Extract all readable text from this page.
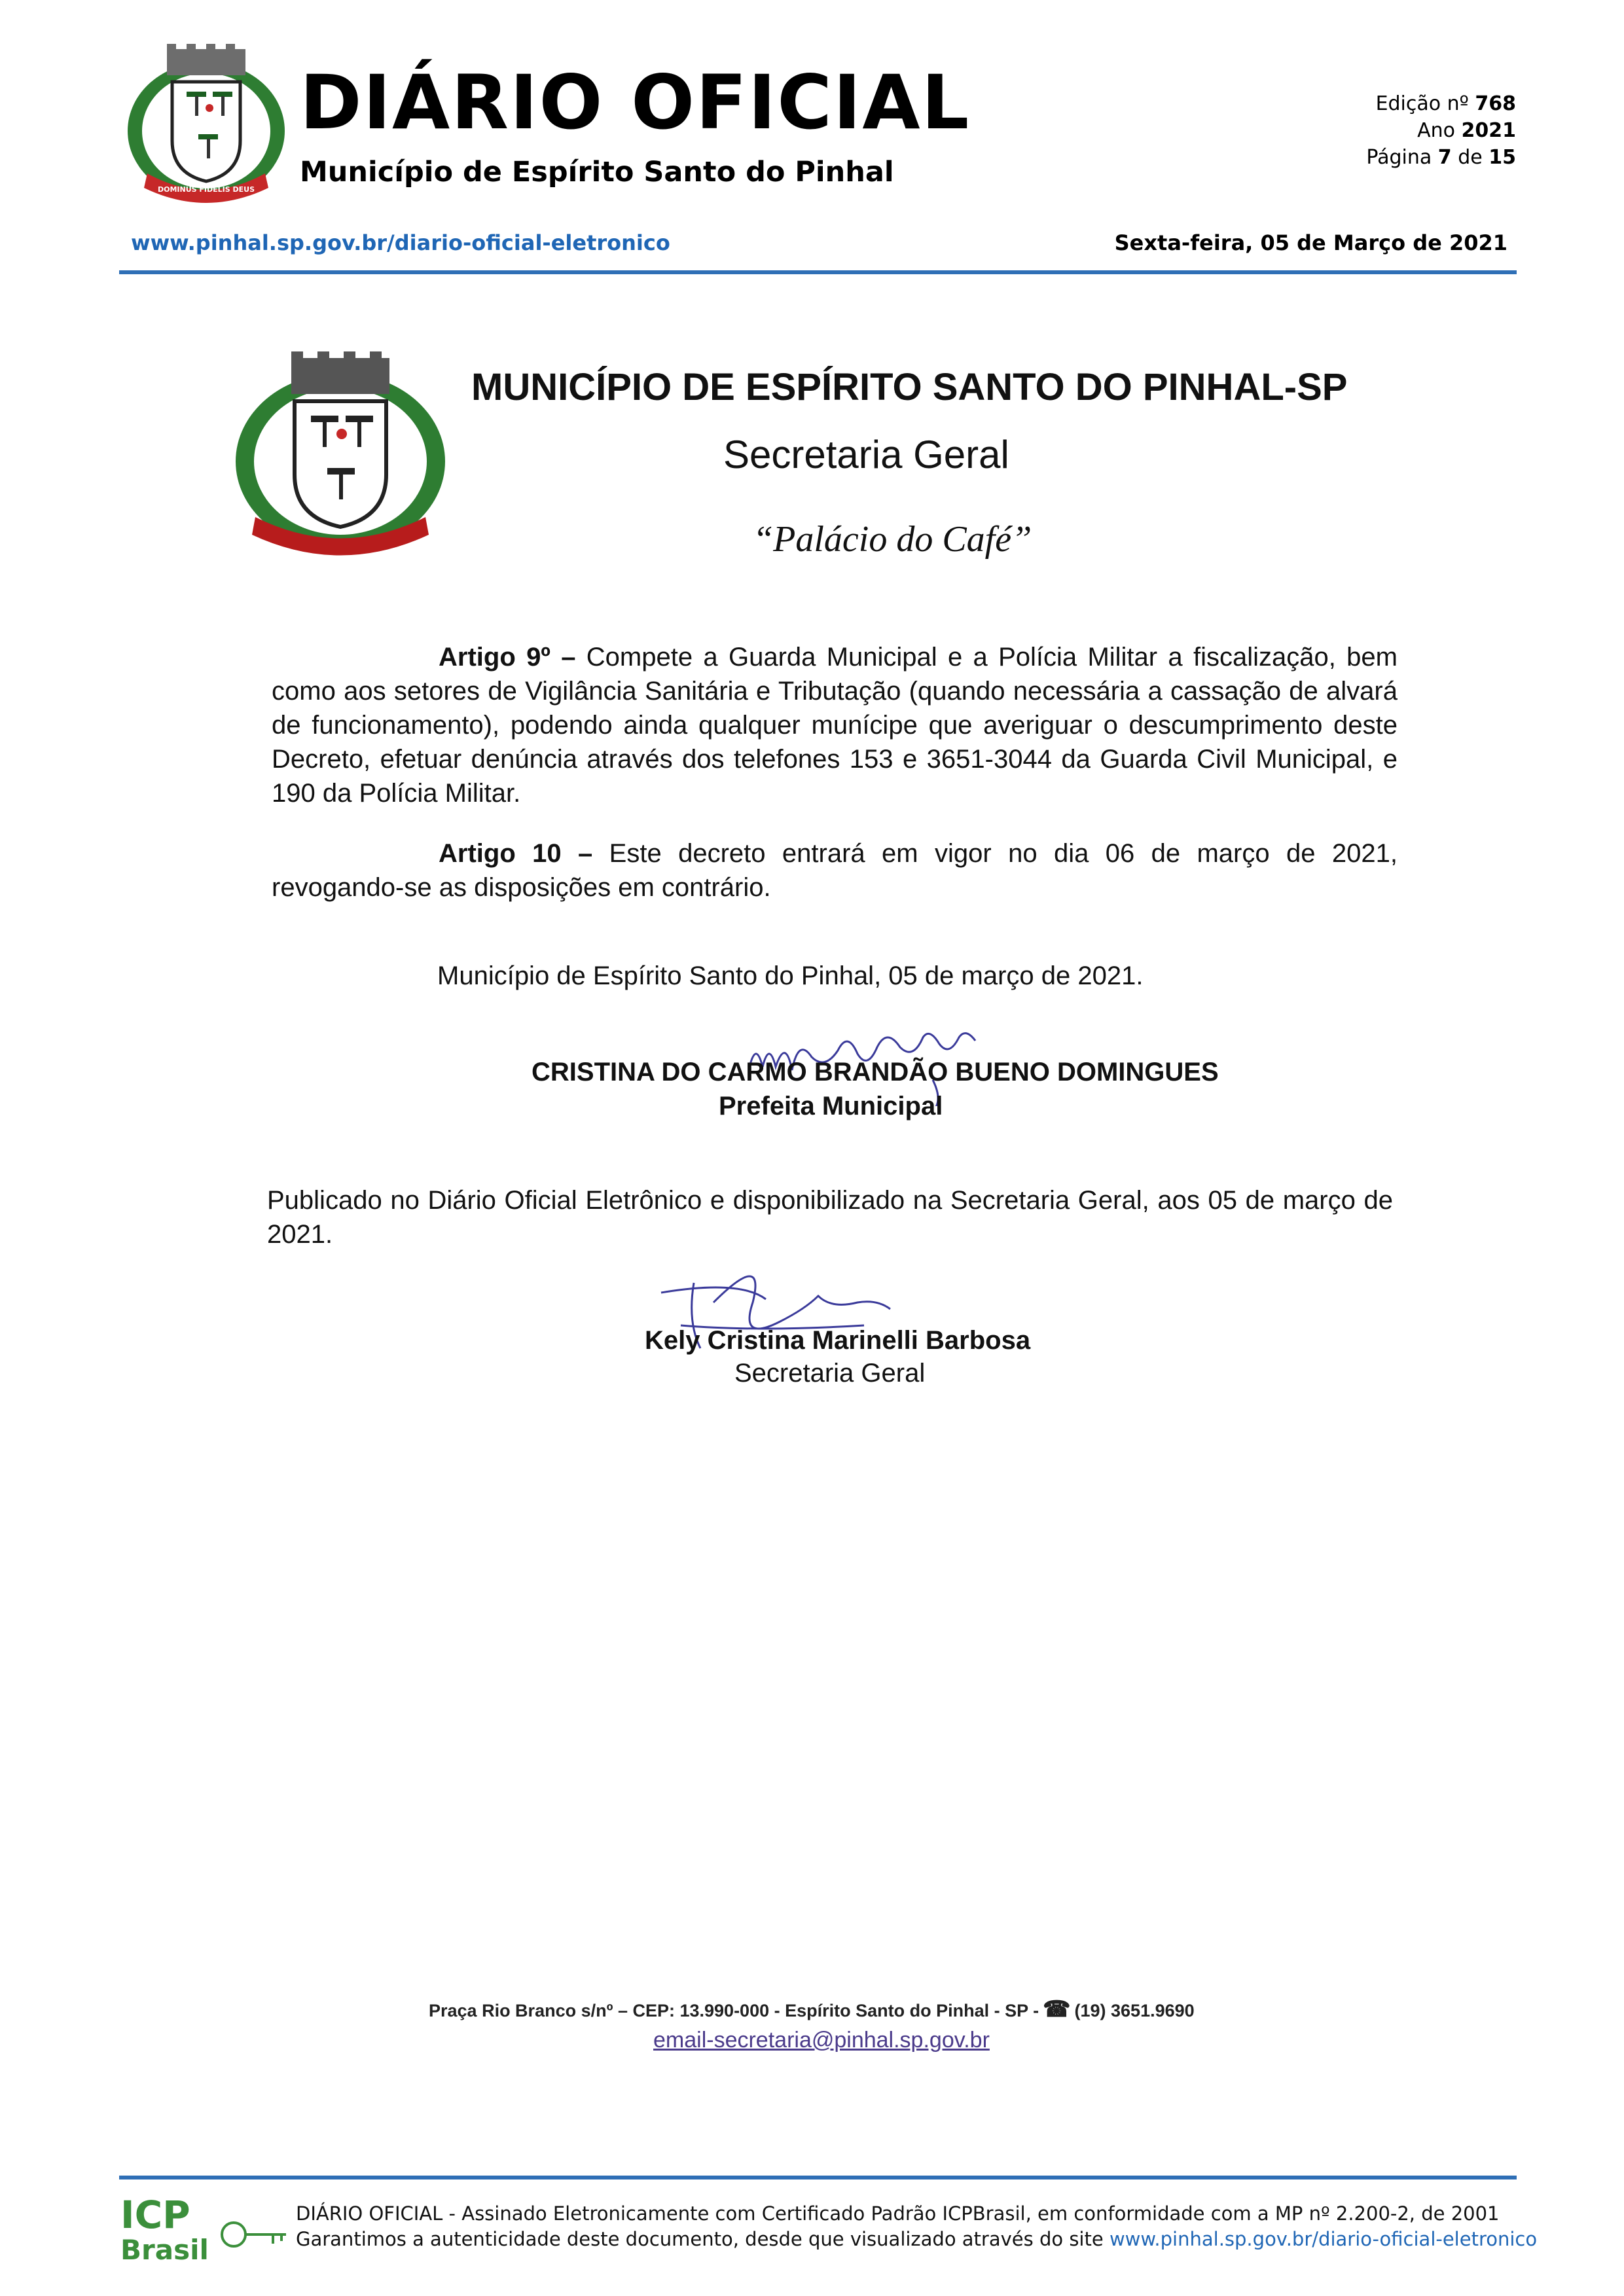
DOMINUS FIDELIS DEUS
DIÁRIO OFICIAL
Município de Espírito Santo do Pinhal
Edição nº 768
Ano 2021
Página 7 de 15
www.pinhal.sp.gov.br/diario-oficial-eletronico	Sexta-feira, 05 de Março de 2021
MUNICÍPIO DE ESPÍRITO SANTO DO PINHAL-SP
Secretaria Geral
“Palácio do Café”
Artigo 9º – Compete a Guarda Municipal e a Polícia Militar a fiscalização, bem como aos setores de Vigilância Sanitária e Tributação (quando necessária a cassação de alvará de funcionamento), podendo ainda qualquer munícipe que averiguar o descumprimento deste Decreto, efetuar denúncia através dos telefones 153 e 3651-3044 da Guarda Civil Municipal, e 190 da Polícia Militar.
Artigo 10 – Este decreto entrará em vigor no dia 06 de março de 2021, revogando-se as disposições em contrário.
Município de Espírito Santo do Pinhal, 05 de março de 2021.
CRISTINA DO CARMO BRANDÃO BUENO DOMINGUES
Prefeita Municipal
Publicado no Diário Oficial Eletrônico e disponibilizado na Secretaria Geral, aos 05 de março de 2021.
Kely Cristina Marinelli Barbosa
Secretaria Geral
Praça Rio Branco s/nº – CEP: 13.990-000 - Espírito Santo do Pinhal - SP - ☎ (19) 3651.9690
email-secretaria@pinhal.sp.gov.br
ICP
Brasil
DIÁRIO OFICIAL - Assinado Eletronicamente com Certificado Padrão ICPBrasil, em conformidade com a MP nº 2.200-2, de 2001
Garantimos a autenticidade deste documento, desde que visualizado através do site www.pinhal.sp.gov.br/diario-oficial-eletronico
